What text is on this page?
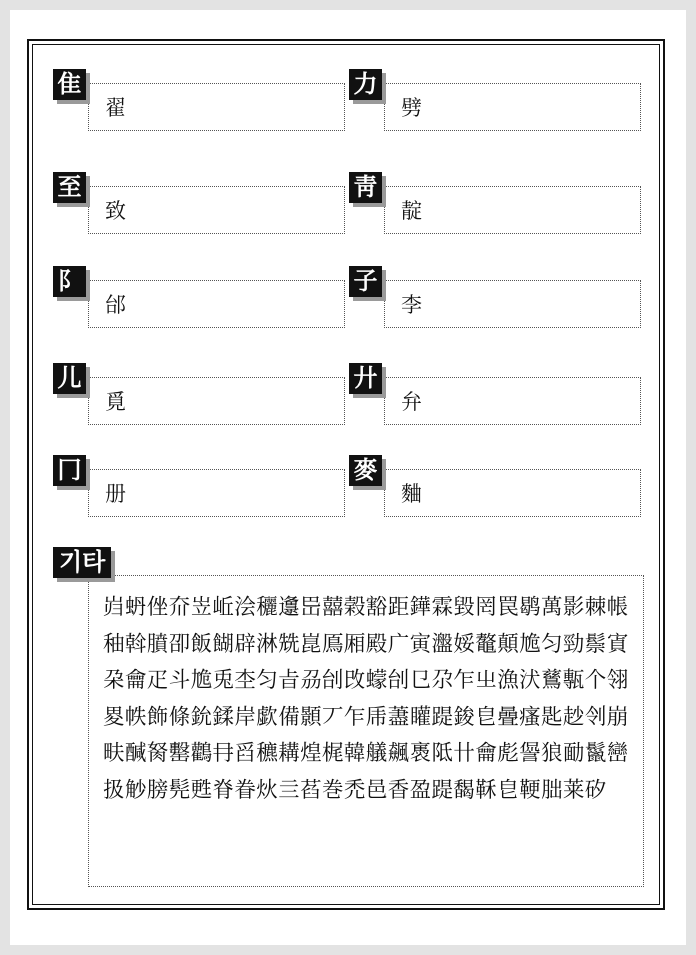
翟
隹
劈
力
致
至
靛
靑
邰
阝
李
子
覓
儿
弁
廾
册
冂
麯
麥
岿蚒侳夼岦岴浍穲邍岊囍榖豁距鏵霖毀罔罠鹖萬影棘帳秞斡膹卲飯餬辟淋兟崑鳫厢殿广寅瀊娞鼇顛尯匀勁鬃寊朶龠疋斗尯兎杢匀㫖刕刣攺蠓刣㔾尕乍㞢漁汱鶿甎个翎畟帙飾條鈗鍒岸歔備顥丆乍乕藎矔踶鋑皀曡瘙匙赻刢崩畉醎胬罊鸛冄舀穮耩煌梶韓艤飆褭阺卄龠彪諐狼勔鬣巒扱觘膀髡甦脊眷炏亖萏巻禿邑香盈踶馤鞂皀鞕朏莱矽
기타
